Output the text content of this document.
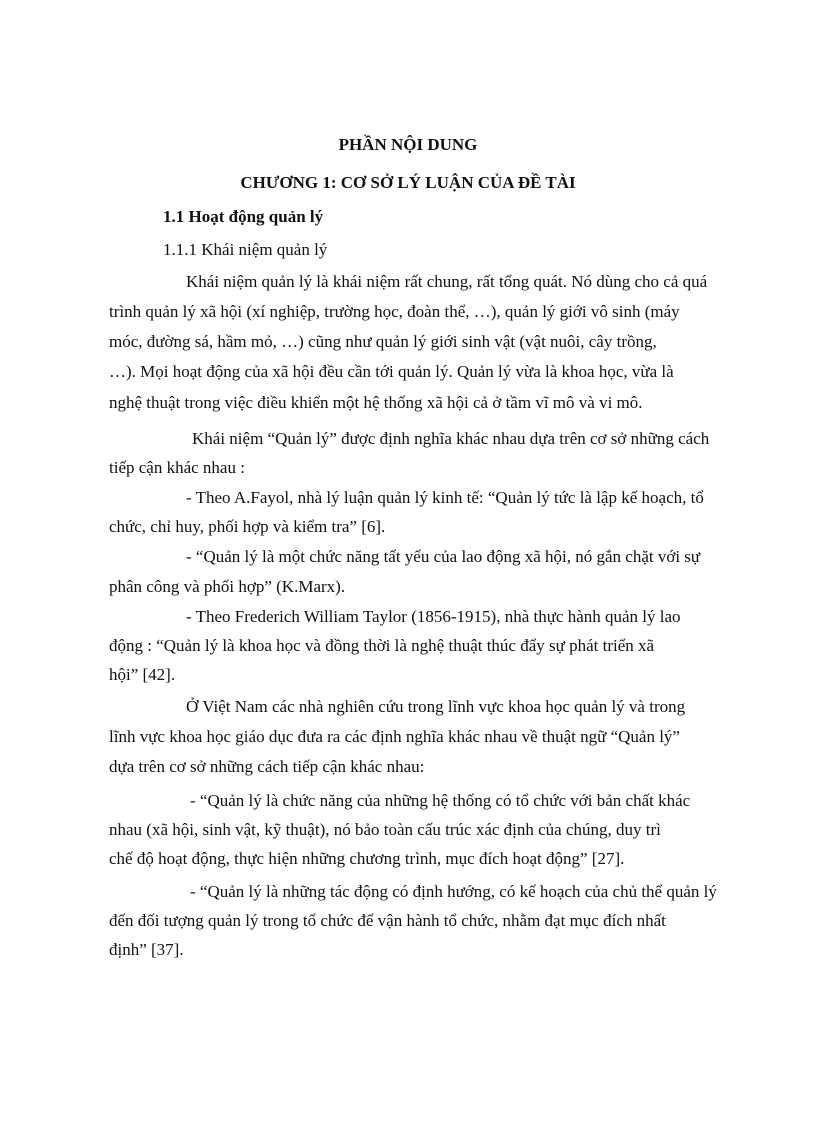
PHẦN NỘI DUNG
CHƯƠNG 1: CƠ SỞ LÝ LUẬN CỦA ĐỀ TÀI
1.1 Hoạt động quản lý
1.1.1 Khái niệm quản lý
Khái niệm quản lý là khái niệm rất chung, rất tổng quát. Nó dùng cho cả quá
trình quản lý xã hội (xí nghiệp, trường học, đoàn thể, …), quản lý giới vô sinh (máy
móc, đường sá, hầm mỏ, …) cũng như quản lý giới sinh vật (vật nuôi, cây trồng,
…). Mọi hoạt động của xã hội đều cần tới quản lý. Quản lý vừa là khoa học, vừa là
nghệ thuật trong việc điều khiển một hệ thống xã hội cả ở tầm vĩ mô và vi mô.
Khái niệm “Quản lý” được định nghĩa khác nhau dựa trên cơ sở những cách
tiếp cận khác nhau :
- Theo A.Fayol, nhà lý luận quản lý kinh tế: “Quản lý tức là lập kế hoạch, tổ
chức, chỉ huy, phối hợp và kiểm tra” [6].
- “Quản lý là một chức năng tất yếu của lao động xã hội, nó gắn chặt với sự
phân công và phối hợp” (K.Marx).
- Theo Frederich William Taylor (1856-1915), nhà thực hành quản lý lao
động : “Quản lý là khoa học và đồng thời là nghệ thuật thúc đẩy sự phát triển xã
hội” [42].
Ở Việt Nam các nhà nghiên cứu trong lĩnh vực khoa học quản lý và trong
lĩnh vực khoa học giáo dục đưa ra các định nghĩa khác nhau về thuật ngữ “Quản lý”
dựa trên cơ sở những cách tiếp cận khác nhau:
- “Quản lý là chức năng của những hệ thống có tổ chức với bản chất khác
nhau (xã hội, sinh vật, kỹ thuật), nó bảo toàn cấu trúc xác định của chúng, duy trì
chế độ hoạt động, thực hiện những chương trình, mục đích hoạt động” [27].
- “Quản lý là những tác động có định hướng, có kế hoạch của chủ thể quản lý
đến đối tượng quản lý trong tổ chức để vận hành tổ chức, nhằm đạt mục đích nhất
định” [37].
